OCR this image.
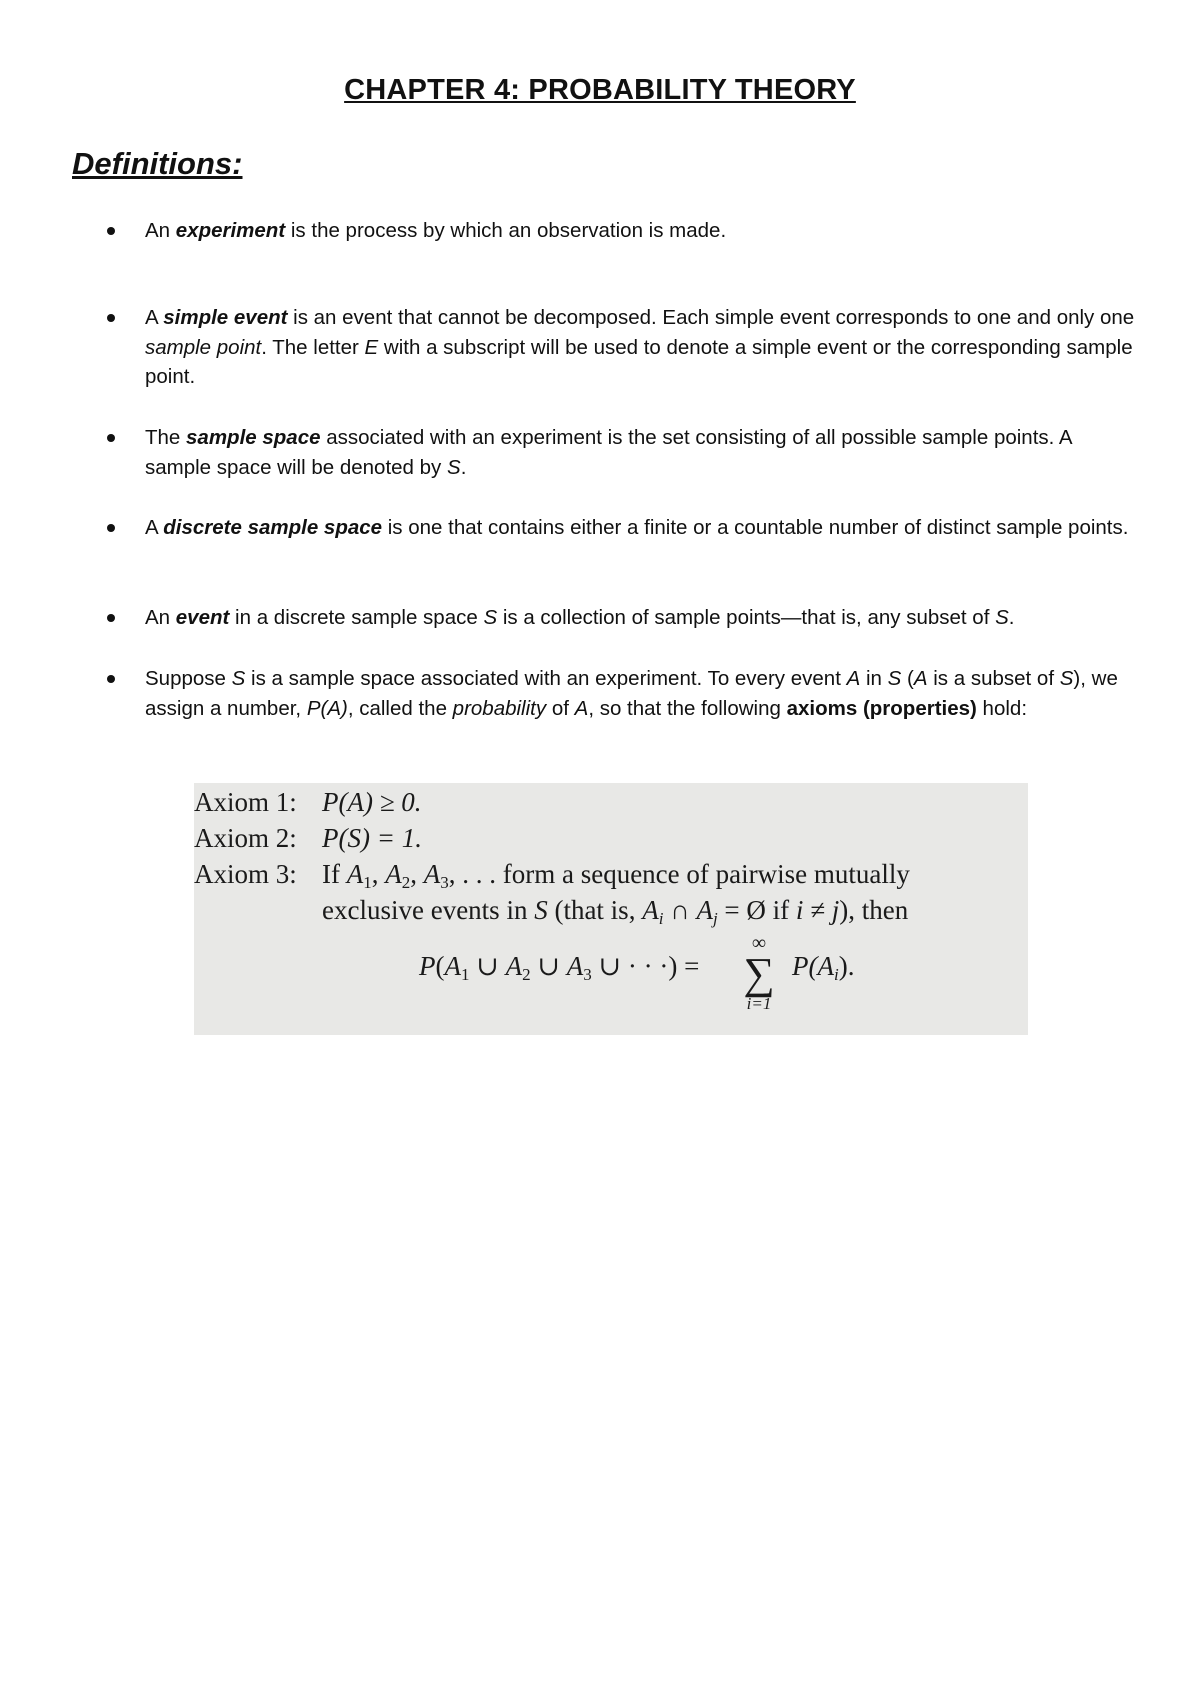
CHAPTER 4: PROBABILITY THEORY
Definitions:
An experiment is the process by which an observation is made.
A simple event is an event that cannot be decomposed. Each simple event corresponds to one and only one sample point. The letter E with a subscript will be used to denote a simple event or the corresponding sample point.
The sample space associated with an experiment is the set consisting of all possible sample points. A sample space will be denoted by S.
A discrete sample space is one that contains either a finite or a countable number of distinct sample points.
An event in a discrete sample space S is a collection of sample points—that is, any subset of S.
Suppose S is a sample space associated with an experiment. To every event A in S (A is a subset of S), we assign a number, P(A), called the probability of A, so that the following axioms (properties) hold:
Axiom 1: P(A) ≥ 0.
Axiom 2: P(S) = 1.
Axiom 3: If $A_1$, $A_2$, $A_3$, . . . form a sequence of pairwise mutually
exclusive events in S (that is, $A_i$ ∩ $A_j$ = Ø if i ≠ j), then
$P(A_1$ ∪ $A_2$ ∪ $A_3$ ∪ · · ·) =
∞
∑
i=1
$P(A_i)$.
